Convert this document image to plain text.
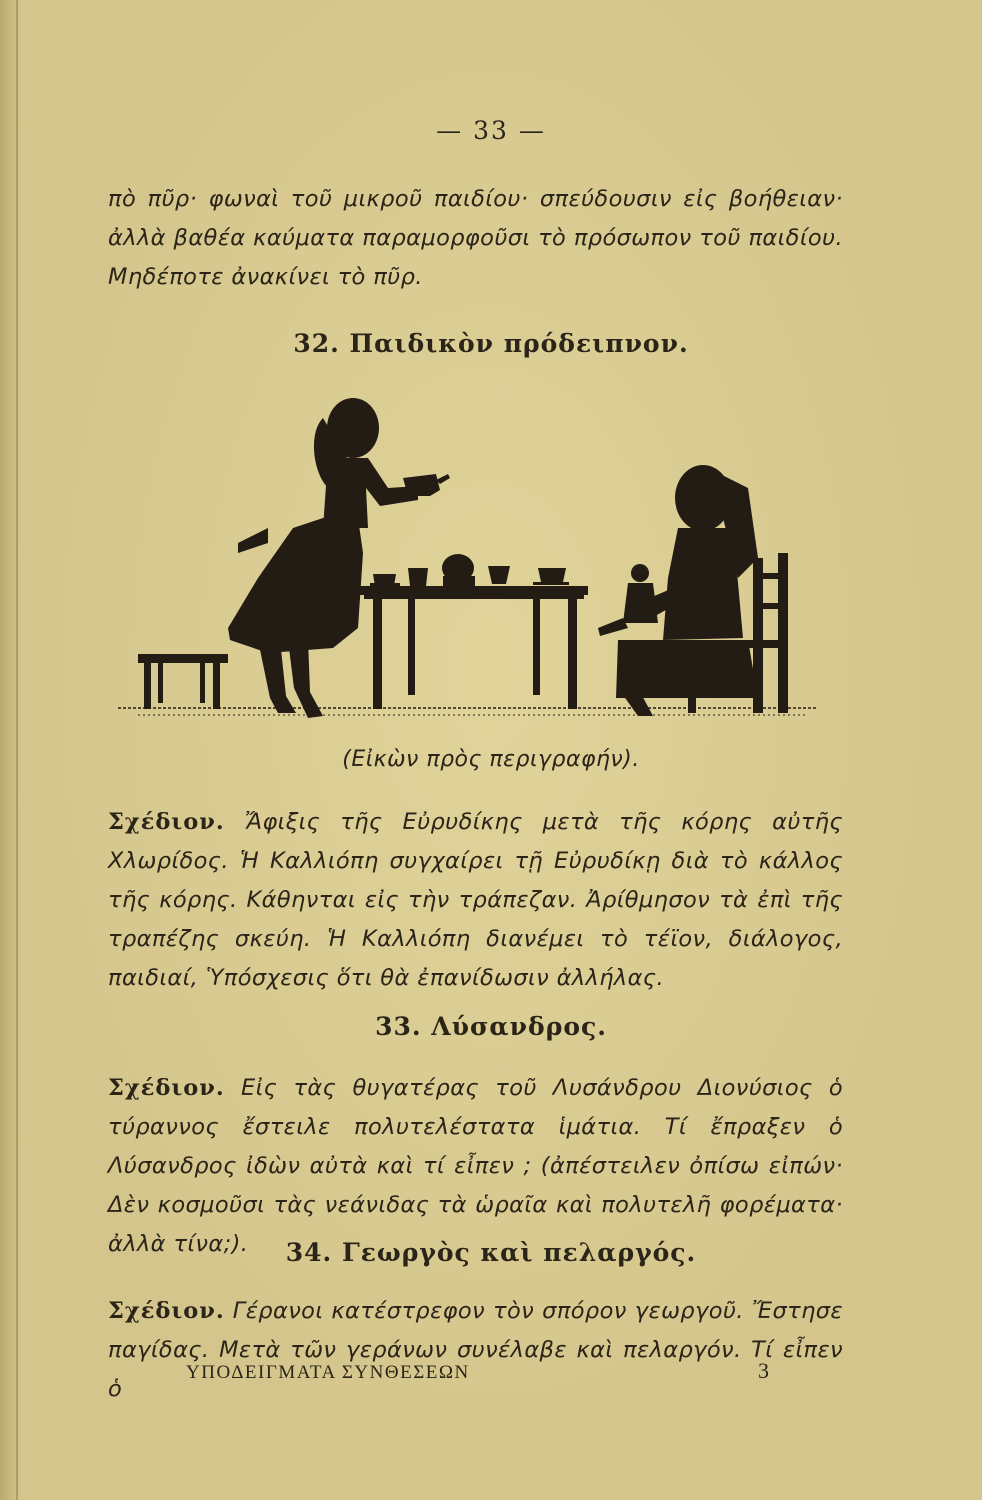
— 33 —
πὸ πῦρ· φωναὶ τοῦ μικροῦ παιδίου· σπεύδουσιν εἰς βοήθειαν· ἀλλὰ βαθέα καύματα παραμορφοῦσι τὸ πρόσωπον τοῦ παιδίου. Μηδέποτε ἀνακίνει τὸ πῦρ.
32. Παιδικὸν πρόδειπνον.
(Εἰκὼν πρὸς περιγραφήν).
Σχέδιον. Ἄφιξις τῆς Εὐρυδίκης μετὰ τῆς κόρης αὐτῆς Χλωρίδος. Ἡ Καλλιόπη συγχαίρει τῇ Εὐρυδίκῃ διὰ τὸ κάλλος τῆς κόρης. Κάθηνται εἰς τὴν τράπεζαν. Ἀρίθμησον τὰ ἐπὶ τῆς τραπέζης σκεύη. Ἡ Καλλιόπη διανέμει τὸ τέϊον, διάλογος, παιδιαί, Ὑπόσχεσις ὅτι θὰ ἐπανίδωσιν ἀλλήλας.
33. Λύσανδρος.
Σχέδιον. Εἰς τὰς θυγατέρας τοῦ Λυσάνδρου Διονύσιος ὁ τύραννος ἔστειλε πολυτελέστατα ἱμάτια. Τί ἔπραξεν ὁ Λύσανδρος ἰδὼν αὐτὰ καὶ τί εἶπεν ; (ἀπέστειλεν ὀπίσω εἰπών· Δὲν κοσμοῦσι τὰς νεάνιδας τὰ ὡραῖα καὶ πολυτελῆ φορέματα· ἀλλὰ τίνα;).	34. Γεωργὸς καὶ πελαργός.
Σχέδιον. Γέρανοι κατέστρεφον τὸν σπόρον γεωργοῦ. Ἔστησε παγίδας. Μετὰ τῶν γεράνων συνέλαβε καὶ πελαργόν. Τί εἶπεν ὁ
ΥΠΟΔΕΙΓΜΑΤΑ ΣΥΝΘΕΣΕΩΝ	3
